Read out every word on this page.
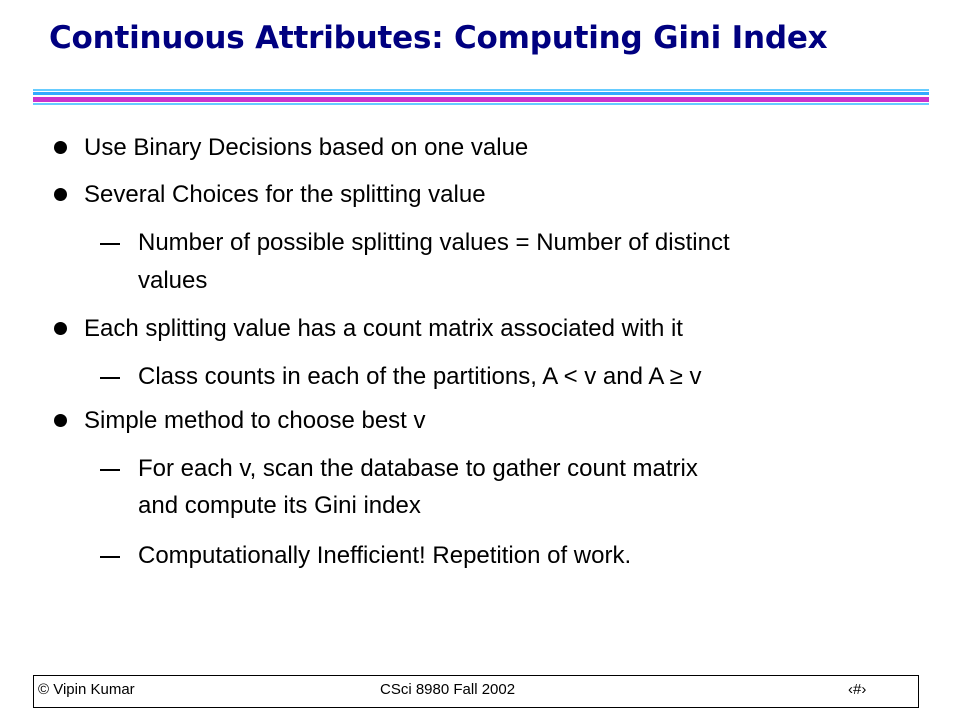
Continuous Attributes: Computing Gini Index
Use Binary Decisions based on one value
Several Choices for the splitting value
Number of possible splitting values = Number of distinct
values
Each splitting value has a count matrix associated with it
Class counts in each of the partitions, A < v and A ≥ v
Simple method to choose best v
For each v, scan the database to gather count matrix
and compute its Gini index
Computationally Inefficient! Repetition of work.
© Vipin Kumar	CSci 8980 Fall 2002	‹#›
